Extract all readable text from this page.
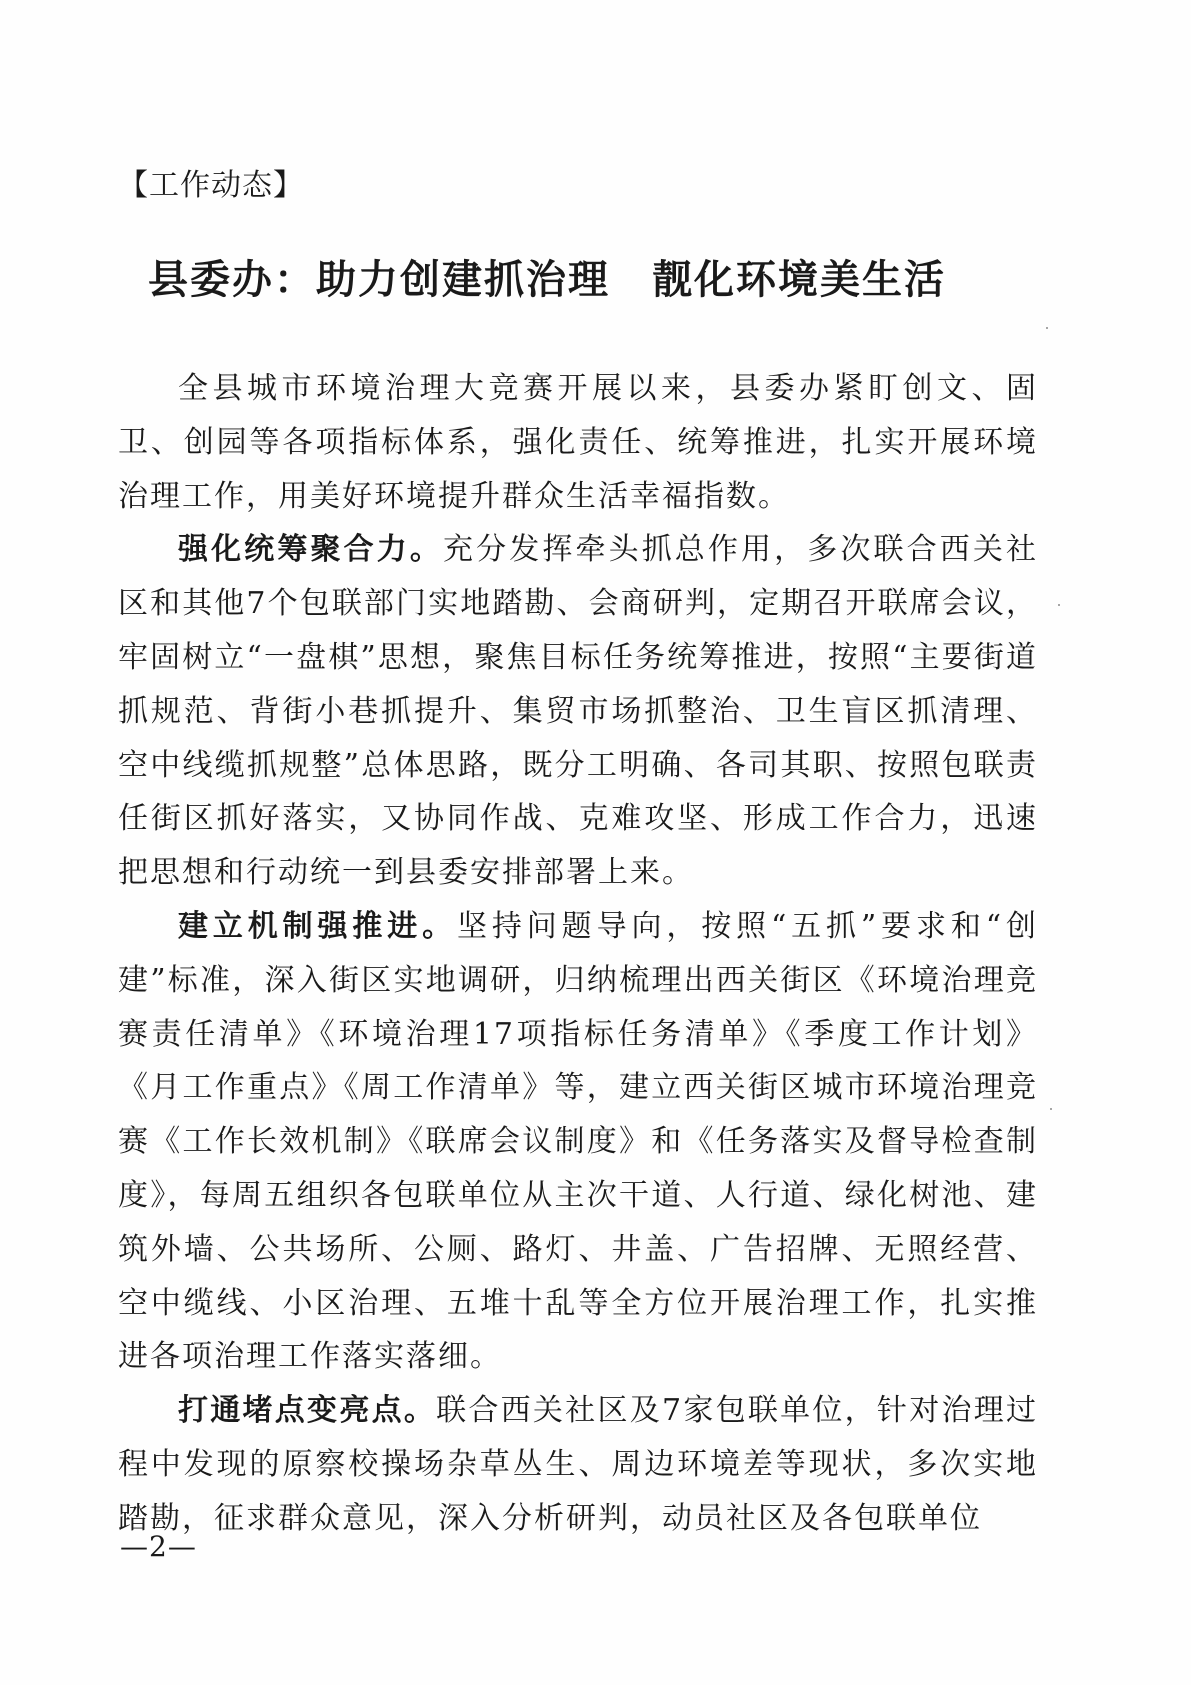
【工作动态】
县委办：助力创建抓治理　靓化环境美生活

全县城市环境治理大竞赛开展以来，县委办紧盯创文、固卫、创园等各项指标体系，强化责任、统筹推进，扎实开展环境治理工作，用美好环境提升群众生活幸福指数。

强化统筹聚合力。充分发挥牵头抓总作用，多次联合西关社区和其他7个包联部门实地踏勘、会商研判，定期召开联席会议，牢固树立“一盘棋”思想，聚焦目标任务统筹推进，按照“主要街道抓规范、背街小巷抓提升、集贸市场抓整治、卫生盲区抓清理、空中线缆抓规整”总体思路，既分工明确、各司其职、按照包联责任街区抓好落实，又协同作战、克难攻坚、形成工作合力，迅速把思想和行动统一到县委安排部署上来。

建立机制强推进。坚持问题导向，按照“五抓”要求和“创建”标准，深入街区实地调研，归纳梳理出西关街区《环境治理竞赛责任清单》《环境治理17项指标任务清单》《季度工作计划》《月工作重点》《周工作清单》等，建立西关街区城市环境治理竞赛《工作长效机制》《联席会议制度》和《任务落实及督导检查制度》，每周五组织各包联单位从主次干道、人行道、绿化树池、建筑外墙、公共场所、公厕、路灯、井盖、广告招牌、无照经营、空中缆线、小区治理、五堆十乱等全方位开展治理工作，扎实推进各项治理工作落实落细。

打通堵点变亮点。联合西关社区及7家包联单位，针对治理过程中发现的原察校操场杂草丛生、周边环境差等现状，多次实地踏勘，征求群众意见，深入分析研判，动员社区及各包联单位

—2—
